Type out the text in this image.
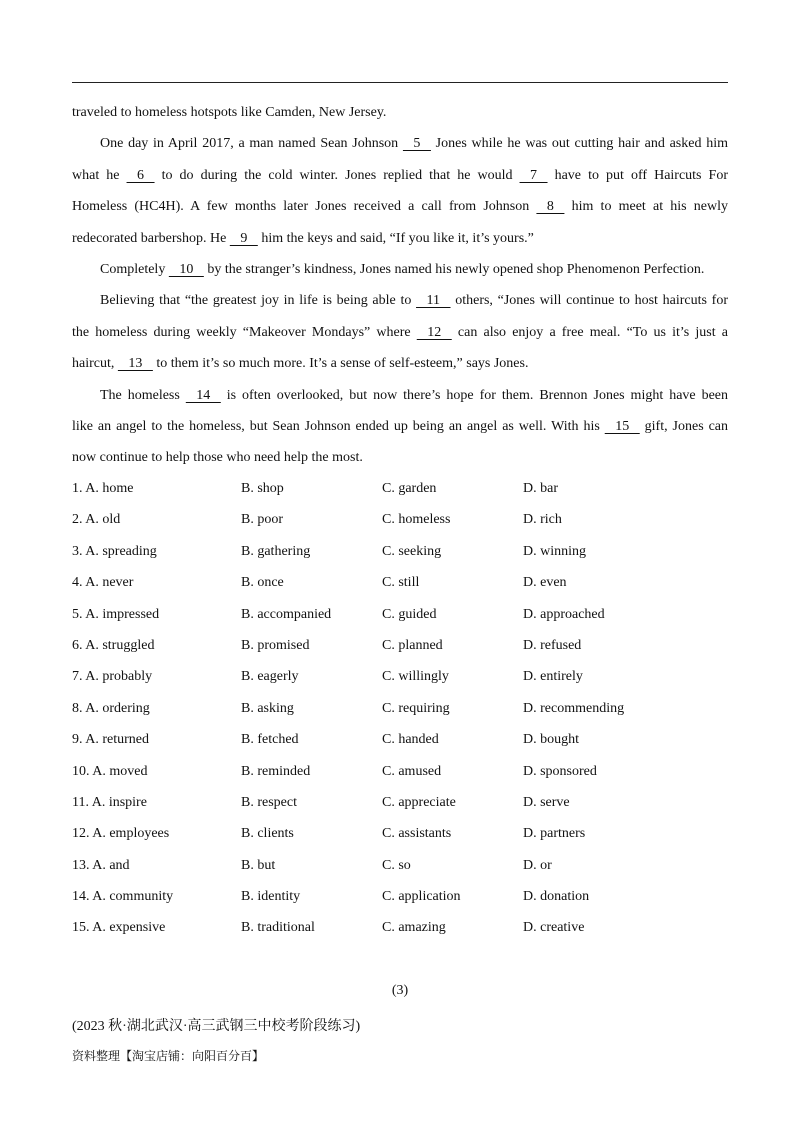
traveled to homeless hotspots like Camden, New Jersey.
One day in April 2017, a man named Sean Johnson    5    Jones while he was out cutting hair and asked him
what he    6    to do during the cold winter. Jones replied that he would    7    have to put off Haircuts For
Homeless (HC4H). A few months later Jones received a call from Johnson    8    him to meet at his newly
redecorated barbershop. He    9    him the keys and said, “If you like it, it’s yours.”
Completely    10    by the stranger’s kindness, Jones named his newly opened shop Phenomenon Perfection.
Believing that “the greatest joy in life is being able to    11    others, “Jones will continue to host haircuts for
the homeless during weekly “Makeover Mondays” where    12    can also enjoy a free meal. “To us it’s just a
haircut,    13    to them it’s so much more. It’s a sense of self-esteem,” says Jones.
The homeless    14    is often overlooked, but now there’s hope for them. Brennon Jones might have been
like an angel to the homeless, but Sean Johnson ended up being an angel as well. With his    15    gift, Jones can
now continue to help those who need help the most.
1. A. home	B. shop	C. garden	D. bar
2. A. old	B. poor	C. homeless	D. rich
3. A. spreading	B. gathering	C. seeking	D. winning
4. A. never	B. once	C. still	D. even
5. A. impressed	B. accompanied	C. guided	D. approached
6. A. struggled	B. promised	C. planned	D. refused
7. A. probably	B. eagerly	C. willingly	D. entirely
8. A. ordering	B. asking	C. requiring	D. recommending
9. A. returned	B. fetched	C. handed	D. bought
10. A. moved	B. reminded	C. amused	D. sponsored
11. A. inspire	B. respect	C. appreciate	D. serve
12. A. employees	B. clients	C. assistants	D. partners
13. A. and	B. but	C. so	D. or
14. A. community	B. identity	C. application	D. donation
15. A. expensive	B. traditional	C. amazing	D. creative
(3)
(2023 秋·湖北武汉·高三武钢三中校考阶段练习)
资料整理【淘宝店铺：向阳百分百】
